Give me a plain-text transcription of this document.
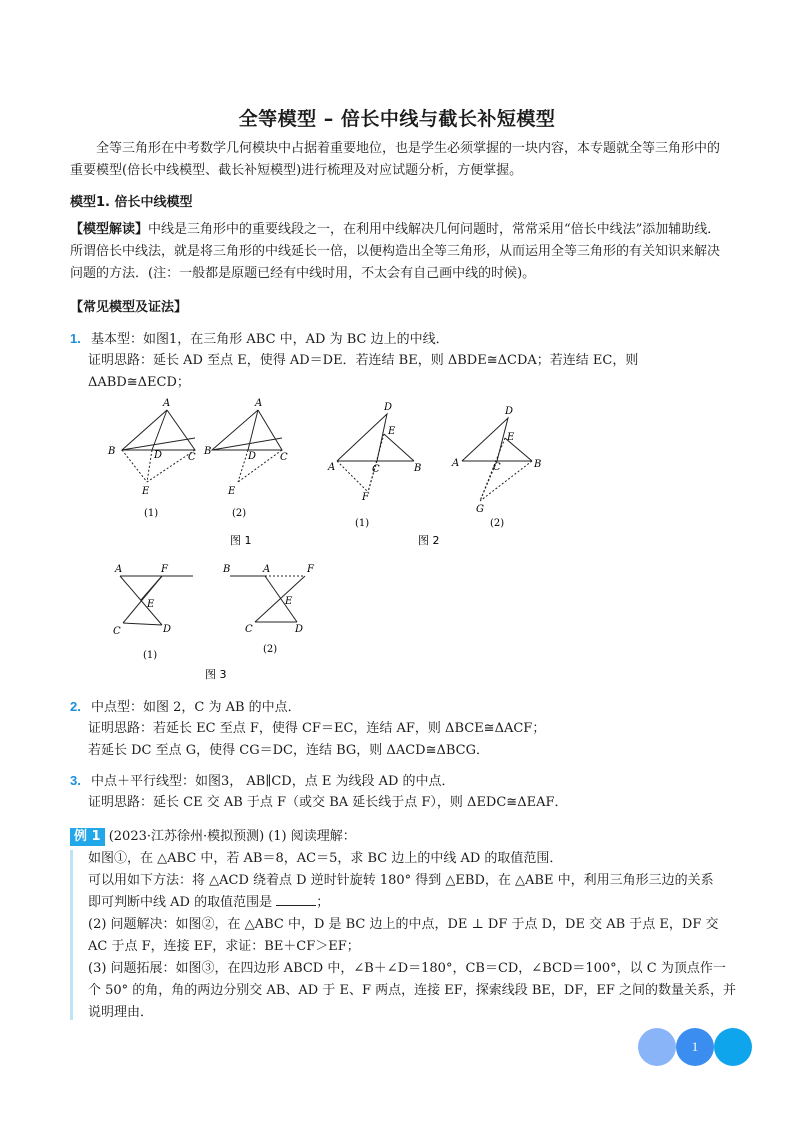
全等模型 – 倍长中线与截长补短模型
全等三角形在中考数学几何模块中占据着重要地位，也是学生必须掌握的一块内容，本专题就全等三角形中的重要模型(倍长中线模型、截长补短模型)进行梳理及对应试题分析，方便掌握。
模型1. 倍长中线模型
【模型解读】中线是三角形中的重要线段之一，在利用中线解决几何问题时，常常采用“倍长中线法”添加辅助线．所谓倍长中线法，就是将三角形的中线延长一倍，以便构造出全等三角形，从而运用全等三角形的有关知识来解决问题的方法．(注：一般都是原题已经有中线时用，不太会有自己画中线的时候)。
【常见模型及证法】
1. 基本型：如图1，在三角形 ABC 中，AD 为 BC 边上的中线．
证明思路：延长 AD 至点 E，使得 AD＝DE．若连结 BE，则 ΔBDE≅ΔCDA；若连结 EC，则 ΔABD≅ΔECD；
A
B	D	C
E
A
B	D C
E
(1)	(2)
图 1
D
E
A	C	B
F
(1)
D
E
A	C	B
G
(2)
图 2
A	F
E
C	D
(1)
B	A	F
E
C	D
(2)
图 3
2. 中点型：如图 2，C 为 AB 的中点．
证明思路：若延长 EC 至点 F，使得 CF＝EC，连结 AF，则 ΔBCE≅ΔACF；
若延长 DC 至点 G，使得 CG＝DC，连结 BG，则 ΔACD≅ΔBCG．
3. 中点＋平行线型：如图3， AB∥CD，点 E 为线段 AD 的中点．
证明思路：延长 CE 交 AB 于点 F（或交 BA 延长线于点 F），则 ΔEDC≅ΔEAF．
例 1 (2023·江苏徐州·模拟预测) (1) 阅读理解：
如图①，在 △ABC 中，若 AB＝8，AC＝5，求 BC 边上的中线 AD 的取值范围．
可以用如下方法：将 △ACD 绕着点 D 逆时针旋转 180° 得到 △EBD，在 △ABE 中，利用三角形三边的关系
即可判断中线 AD 的取值范围是	；
(2) 问题解决：如图②，在 △ABC 中，D 是 BC 边上的中点，DE ⊥ DF 于点 D，DE 交 AB 于点 E，DF 交
AC 于点 F，连接 EF，求证：BE＋CF＞EF；
(3) 问题拓展：如图③，在四边形 ABCD 中，∠B＋∠D＝180°，CB＝CD，∠BCD＝100°，以 C 为顶点作一
个 50° 的角，角的两边分别交 AB、AD 于 E、F 两点，连接 EF，探索线段 BE，DF，EF 之间的数量关系，并
说明理由．
1
